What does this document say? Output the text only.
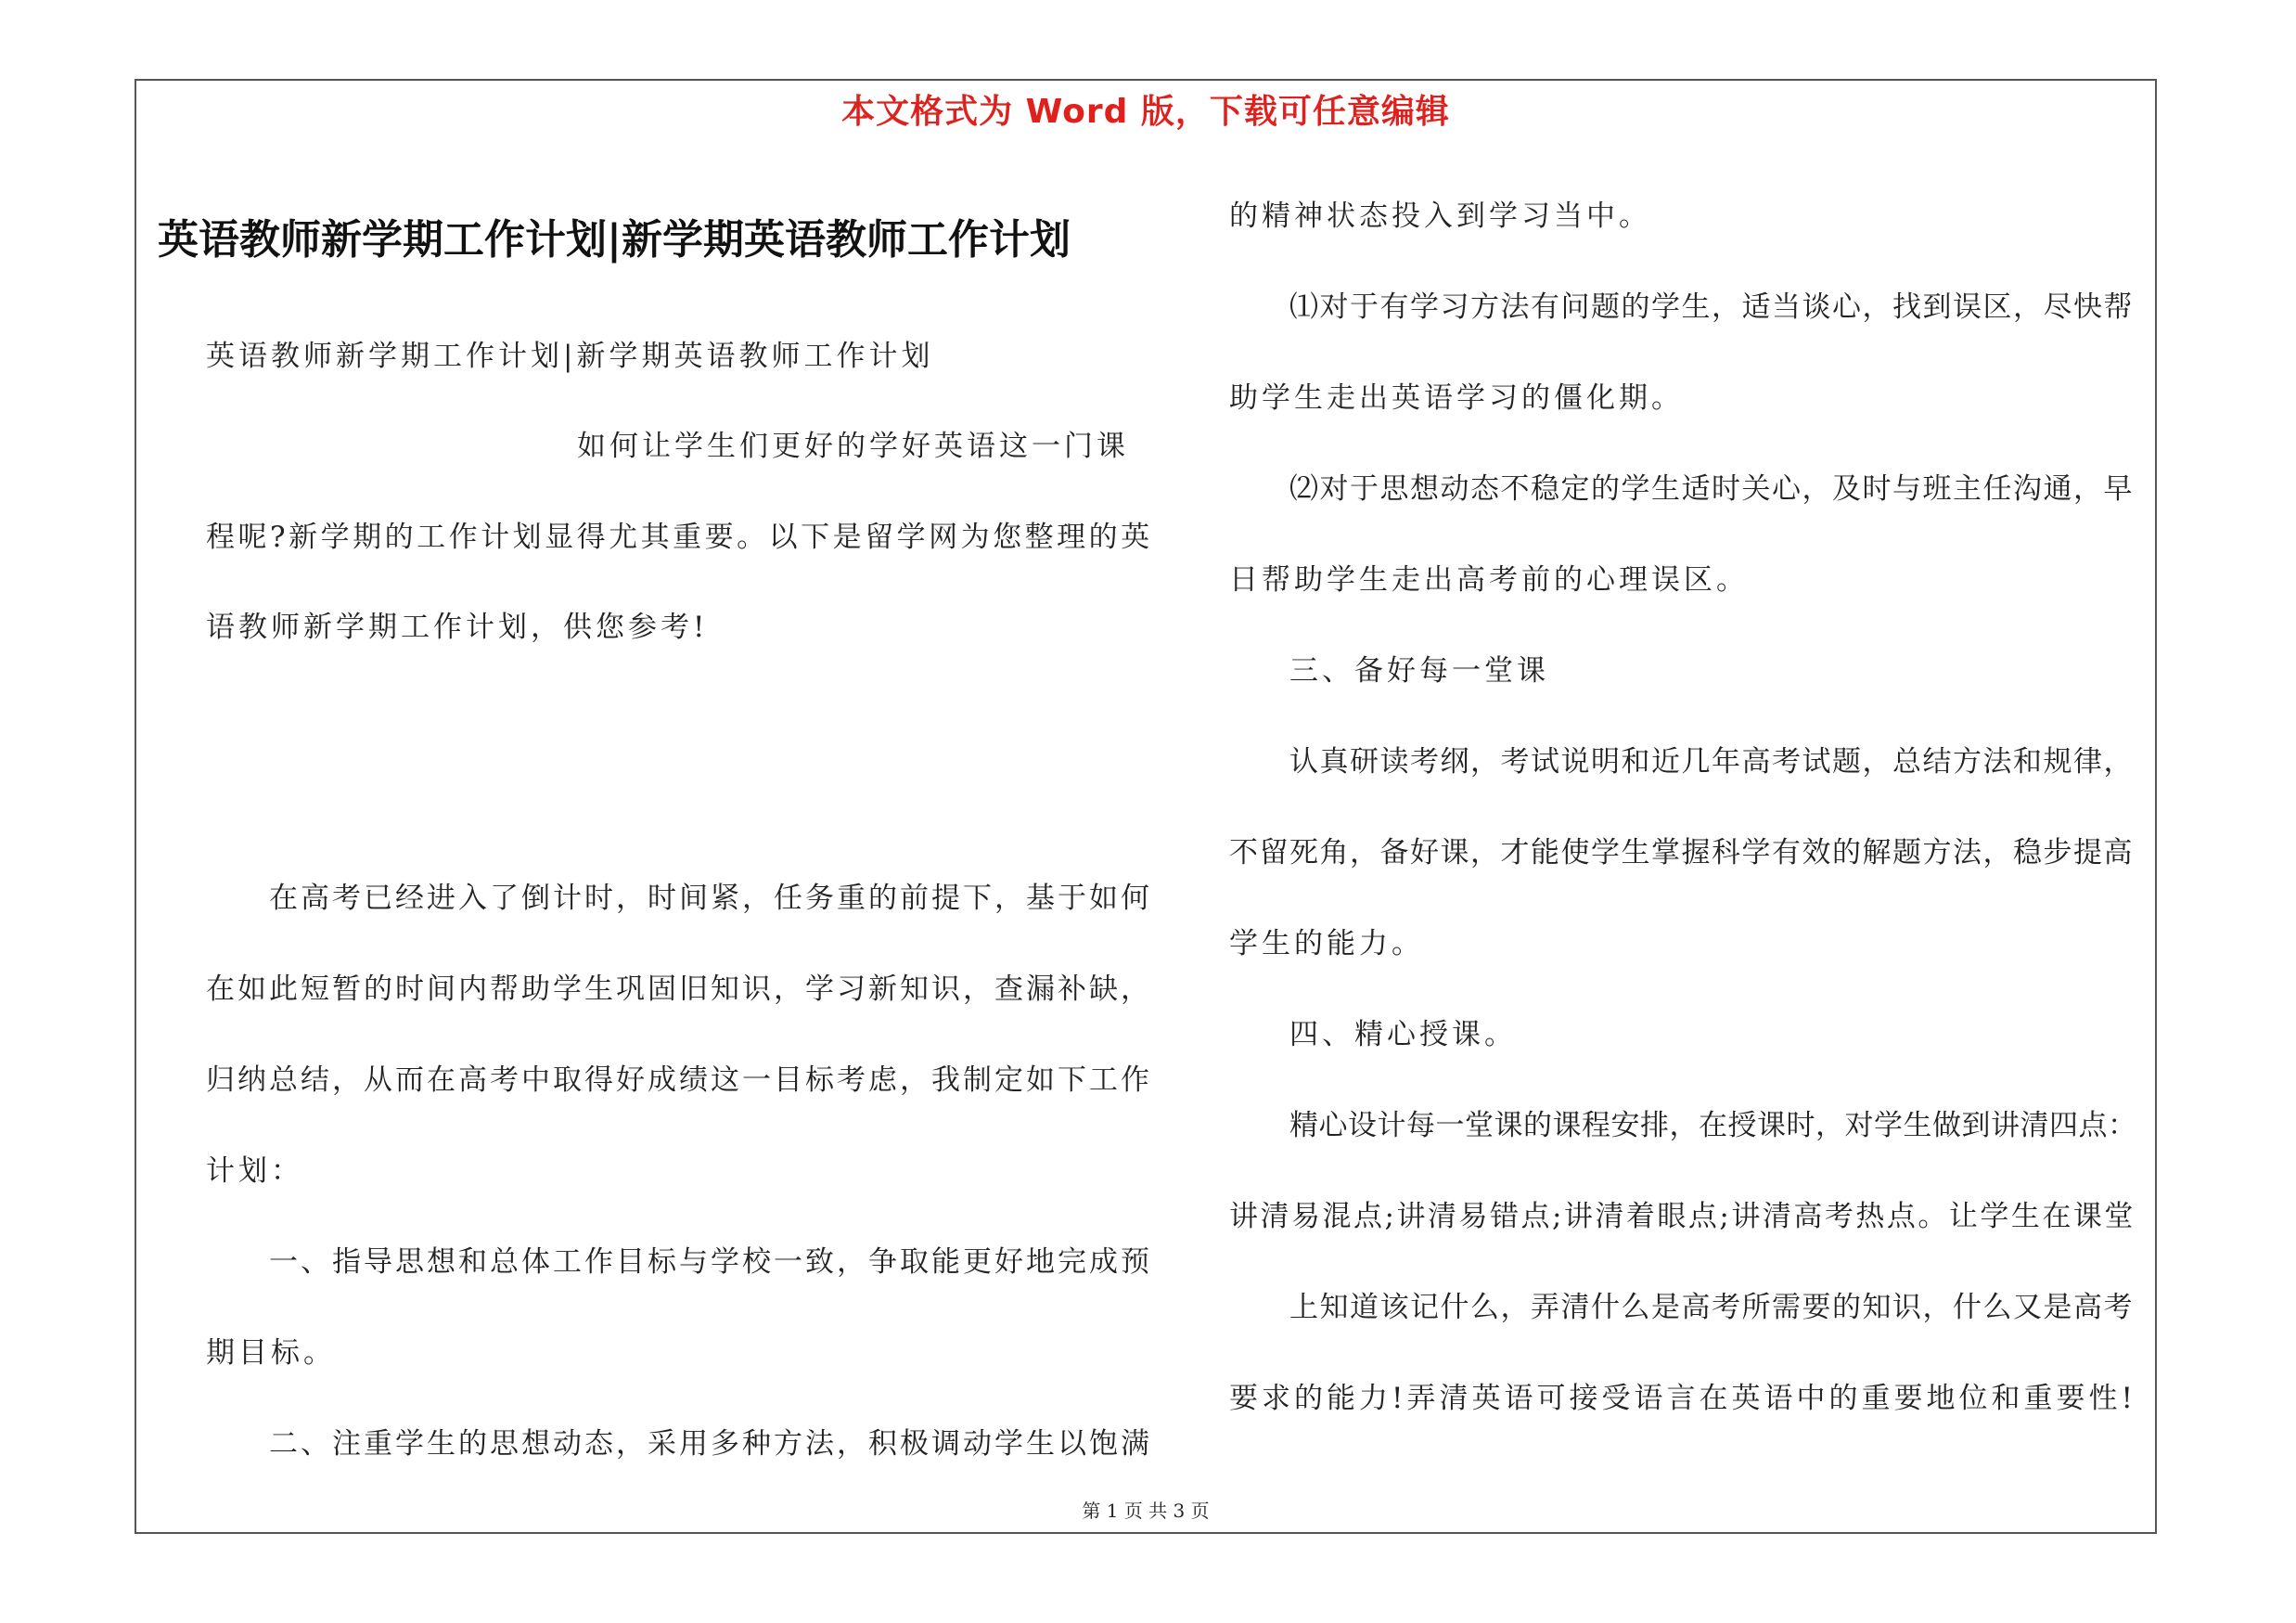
本文格式为 Word 版，下载可任意编辑
英语教师新学期工作计划|新学期英语教师工作计划
英语教师新学期工作计划|新学期英语教师工作计划
如何让学生们更好的学好英语这一门课
程呢?新学期的工作计划显得尤其重要。以下是留学网为您整理的英
语教师新学期工作计划，供您参考!
在高考已经进入了倒计时，时间紧，任务重的前提下，基于如何
在如此短暂的时间内帮助学生巩固旧知识，学习新知识，查漏补缺，
归纳总结，从而在高考中取得好成绩这一目标考虑，我制定如下工作
计划：
一、指导思想和总体工作目标与学校一致，争取能更好地完成预
期目标。
二、注重学生的思想动态，采用多种方法，积极调动学生以饱满
的精神状态投入到学习当中。
⑴对于有学习方法有问题的学生，适当谈心，找到误区，尽快帮
助学生走出英语学习的僵化期。
⑵对于思想动态不稳定的学生适时关心，及时与班主任沟通，早
日帮助学生走出高考前的心理误区。
三、备好每一堂课
认真研读考纲，考试说明和近几年高考试题，总结方法和规律，
不留死角，备好课，才能使学生掌握科学有效的解题方法，稳步提高
学生的能力。
四、精心授课。
精心设计每一堂课的课程安排，在授课时，对学生做到讲清四点：
讲清易混点;讲清易错点;讲清着眼点;讲清高考热点。让学生在课堂
上知道该记什么，弄清什么是高考所需要的知识，什么又是高考
要求的能力!弄清英语可接受语言在英语中的重要地位和重要性!
第 1 页 共 3 页
